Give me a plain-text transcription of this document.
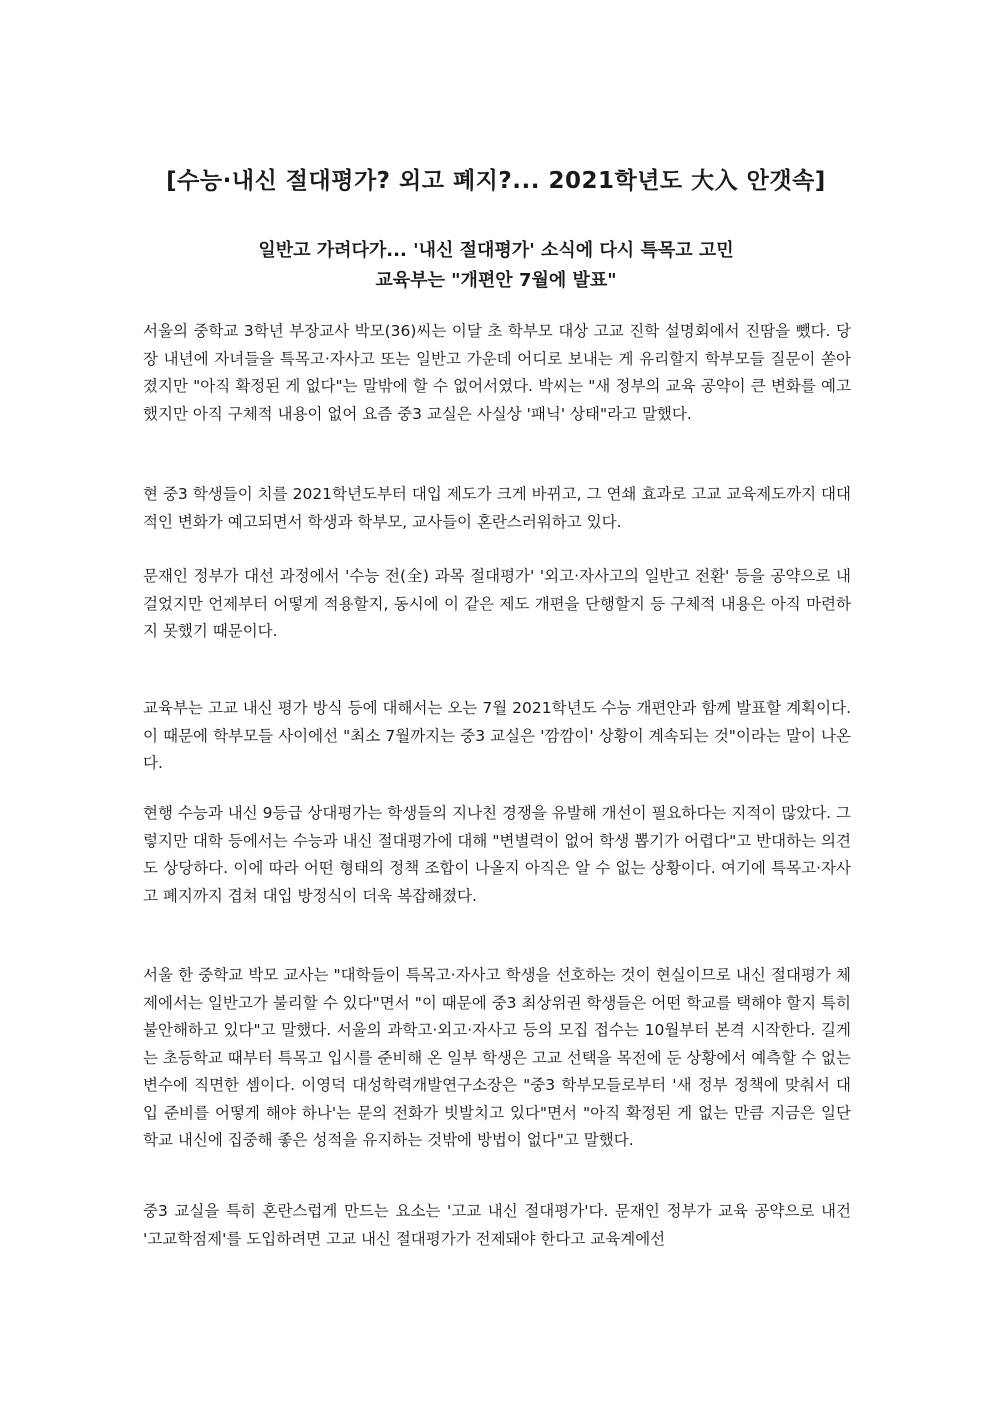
[수능·내신 절대평가? 외고 폐지?... 2021학년도 大入 안갯속]
일반고 가려다가... '내신 절대평가' 소식에 다시 특목고 고민
교육부는 "개편안 7월에 발표"
서울의 중학교 3학년 부장교사 박모(36)씨는 이달 초 학부모 대상 고교 진학 설명회에서 진땀을 뺐다. 당장 내년에 자녀들을 특목고·자사고 또는 일반고 가운데 어디로 보내는 게 유리할지 학부모들 질문이 쏟아졌지만 "아직 확정된 게 없다"는 말밖에 할 수 없어서였다. 박씨는 "새 정부의 교육 공약이 큰 변화를 예고했지만 아직 구체적 내용이 없어 요즘 중3 교실은 사실상 '패닉' 상태"라고 말했다.
현 중3 학생들이 치를 2021학년도부터 대입 제도가 크게 바뀌고, 그 연쇄 효과로 고교 교육제도까지 대대적인 변화가 예고되면서 학생과 학부모, 교사들이 혼란스러워하고 있다.
문재인 정부가 대선 과정에서 '수능 전(全) 과목 절대평가' '외고·자사고의 일반고 전환' 등을 공약으로 내걸었지만 언제부터 어떻게 적용할지, 동시에 이 같은 제도 개편을 단행할지 등 구체적 내용은 아직 마련하지 못했기 때문이다.
교육부는 고교 내신 평가 방식 등에 대해서는 오는 7월 2021학년도 수능 개편안과 함께 발표할 계획이다. 이 때문에 학부모들 사이에선 "최소 7월까지는 중3 교실은 '깜깜이' 상황이 계속되는 것"이라는 말이 나온다.
현행 수능과 내신 9등급 상대평가는 학생들의 지나친 경쟁을 유발해 개선이 필요하다는 지적이 많았다. 그렇지만 대학 등에서는 수능과 내신 절대평가에 대해 "변별력이 없어 학생 뽑기가 어렵다"고 반대하는 의견도 상당하다. 이에 따라 어떤 형태의 정책 조합이 나올지 아직은 알 수 없는 상황이다. 여기에 특목고·자사고 폐지까지 겹쳐 대입 방정식이 더욱 복잡해졌다.
서울 한 중학교 박모 교사는 "대학들이 특목고·자사고 학생을 선호하는 것이 현실이므로 내신 절대평가 체제에서는 일반고가 불리할 수 있다"면서 "이 때문에 중3 최상위권 학생들은 어떤 학교를 택해야 할지 특히 불안해하고 있다"고 말했다. 서울의 과학고·외고·자사고 등의 모집 접수는 10월부터 본격 시작한다. 길게는 초등학교 때부터 특목고 입시를 준비해 온 일부 학생은 고교 선택을 목전에 둔 상황에서 예측할 수 없는 변수에 직면한 셈이다. 이영덕 대성학력개발연구소장은 "중3 학부모들로부터 '새 정부 정책에 맞춰서 대입 준비를 어떻게 해야 하나'는 문의 전화가 빗발치고 있다"면서 "아직 확정된 게 없는 만큼 지금은 일단 학교 내신에 집중해 좋은 성적을 유지하는 것밖에 방법이 없다"고 말했다.
중3 교실을 특히 혼란스럽게 만드는 요소는 '고교 내신 절대평가'다. 문재인 정부가 교육 공약으로 내건 '고교학점제'를 도입하려면 고교 내신 절대평가가 전제돼야 한다고 교육계에선
